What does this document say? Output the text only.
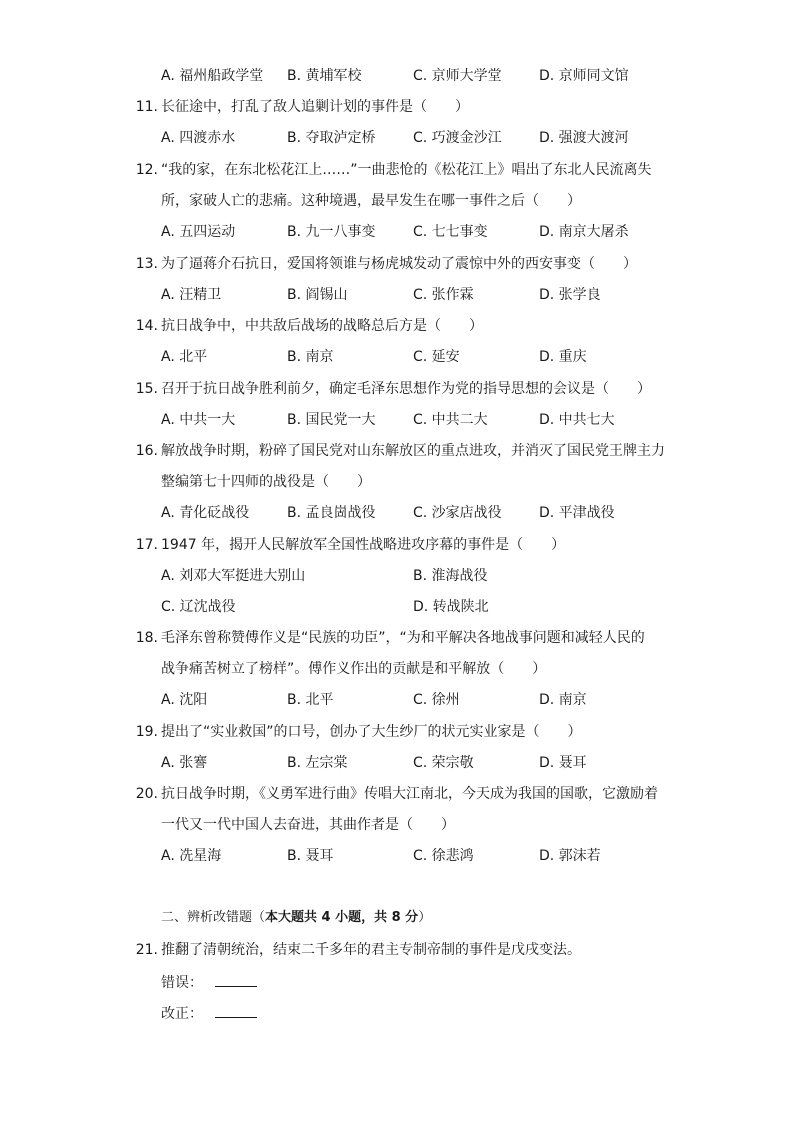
A. 福州船政学堂 B. 黄埔军校	C. 京师大学堂	D. 京师同文馆
11. 长征途中，打乱了敌人追剿计划的事件是（　　）
A. 四渡赤水	B. 夺取泸定桥	C. 巧渡金沙江	D. 强渡大渡河
12. “我的家，在东北松花江上……”一曲悲怆的《松花江上》唱出了东北人民流离失
所，家破人亡的悲痛。这种境遇，最早发生在哪一事件之后（　　）
A. 五四运动	B. 九一八事变	C. 七七事变	D. 南京大屠杀
13. 为了逼蒋介石抗日，爱国将领谁与杨虎城发动了震惊中外的西安事变（　　）
A. 汪精卫	B. 阎锡山	C. 张作霖	D. 张学良
14. 抗日战争中，中共敌后战场的战略总后方是（　　）
A. 北平	B. 南京	C. 延安	D. 重庆
15. 召开于抗日战争胜利前夕，确定毛泽东思想作为党的指导思想的会议是（　　）
A. 中共一大	B. 国民党一大	C. 中共二大	D. 中共七大
16. 解放战争时期，粉碎了国民党对山东解放区的重点进攻，并消灭了国民党王牌主力
整编第七十四师的战役是（　　）
A. 青化砭战役	B. 孟良崮战役	C. 沙家店战役	D. 平津战役
17. 1947 年，揭开人民解放军全国性战略进攻序幕的事件是（　　）
A. 刘邓大军挺进大别山	B. 淮海战役
C. 辽沈战役	D. 转战陕北
18. 毛泽东曾称赞傅作义是“民族的功臣”，“为和平解决各地战事问题和减轻人民的
战争痛苦树立了榜样”。傅作义作出的贡献是和平解放（　　）
A. 沈阳	B. 北平	C. 徐州	D. 南京
19. 提出了“实业救国”的口号，创办了大生纱厂的状元实业家是（　　）
A. 张謇	B. 左宗棠	C. 荣宗敬	D. 聂耳
20. 抗日战争时期，《义勇军进行曲》传唱大江南北，今天成为我国的国歌，它激励着
一代又一代中国人去奋进，其曲作者是（　　）
A. 冼星海	B. 聂耳	C. 徐悲鸿	D. 郭沫若
二、辨析改错题（本大题共 4 小题，共 8 分）
21. 推翻了清朝统治，结束二千多年的君主专制帝制的事件是戊戌变法。
错误：
改正：
